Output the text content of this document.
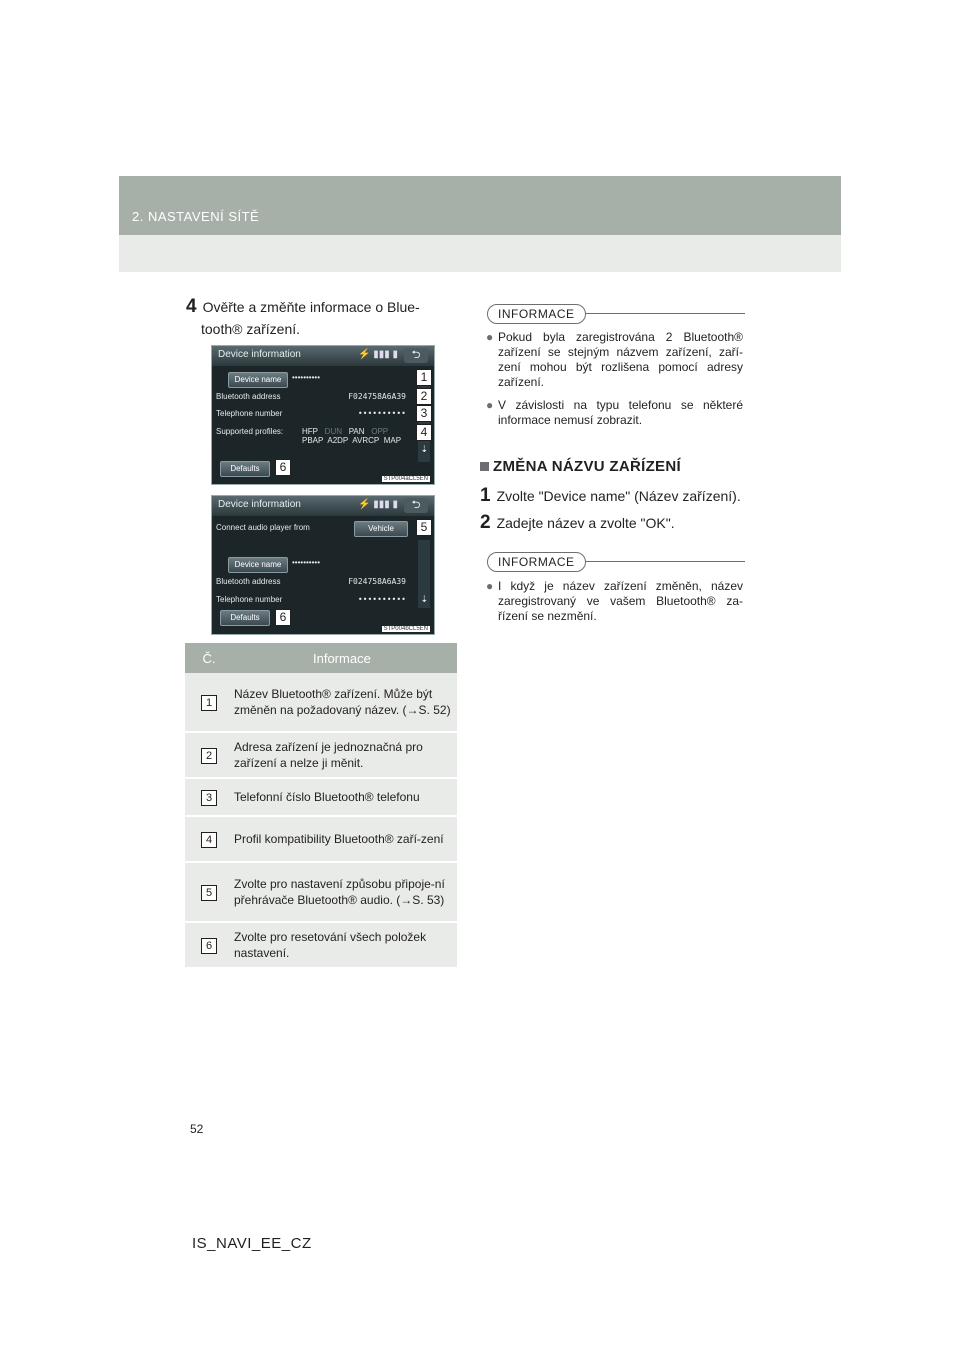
2. NASTAVENÍ SÍTĚ
4 Ověřte a změňte informace o Blue-
tooth® zařízení.
Device information	⚡ ▮▮▮ ▮	⮌
Device name	••••••••••
Bluetooth address	F024758A6A39
Telephone number	••••••••••
Supported profiles:	HFP DUN PAN OPP
PBAP A2DP AVRCP MAP
Defaults
⇣
STP004aCL5EN
1
2
3
4
6
Device information	⚡ ▮▮▮ ▮	⮌
Connect audio player from	Vehicle
Device name	••••••••••
Bluetooth address	F024758A6A39
Telephone number	••••••••••
Defaults
⇣
STP004bCL5EN
5
6
Č.	Informace
1	Název Bluetooth® zařízení. Může být změněn na požadovaný název. (→S. 52)
2	Adresa zařízení je jednoznačná pro zařízení a nelze ji měnit.
3	Telefonní číslo Bluetooth® telefonu
4	Profil kompatibility Bluetooth® zaří-zení
5	Zvolte pro nastavení způsobu připoje-ní přehrávače Bluetooth® audio. (→S. 53)
6	Zvolte pro resetování všech položek nastavení.
INFORMACE
● Pokud byla zaregistrována 2 Bluetooth® zařízení se stejným názvem zařízení, zaří-zení mohou být rozlišena pomocí adresy zařízení.
● V závislosti na typu telefonu se některé informace nemusí zobrazit.
ZMĚNA NÁZVU ZAŘÍZENÍ
1 Zvolte "Device name" (Název zařízení).
2 Zadejte název a zvolte "OK".
INFORMACE
● I když je název zařízení změněn, název zaregistrovaný ve vašem Bluetooth® za-řízení se nezmění.
52
IS_NAVI_EE_CZ
